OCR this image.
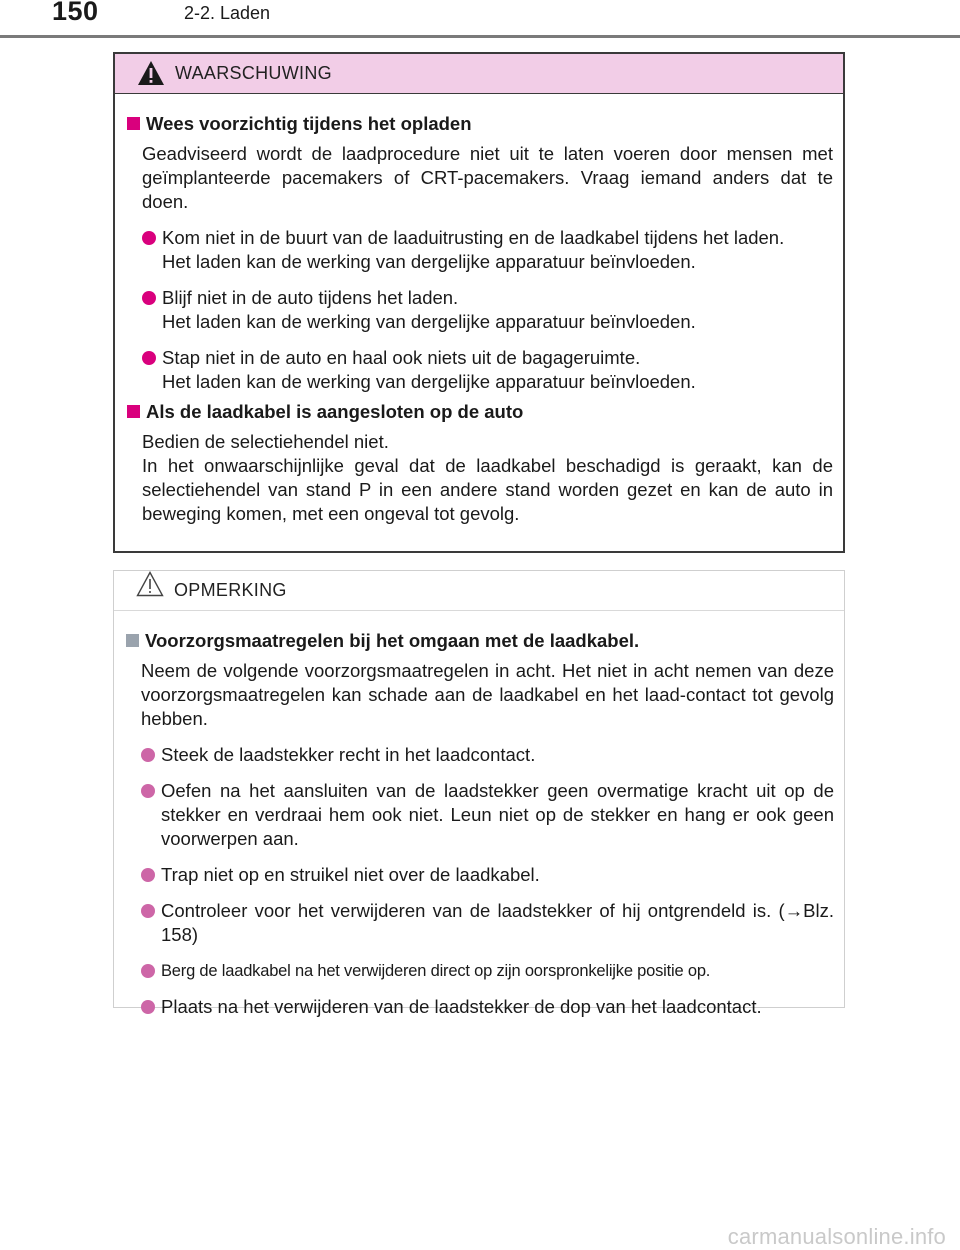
150	2-2. Laden
WAARSCHUWING
Wees voorzichtig tijdens het opladen
Geadviseerd wordt de laadprocedure niet uit te laten voeren door mensen met geïmplanteerde pacemakers of CRT-pacemakers. Vraag iemand anders dat te doen.
Kom niet in de buurt van de laaduitrusting en de laadkabel tijdens het laden.
Het laden kan de werking van dergelijke apparatuur beïnvloeden.
Blijf niet in de auto tijdens het laden.
Het laden kan de werking van dergelijke apparatuur beïnvloeden.
Stap niet in de auto en haal ook niets uit de bagageruimte.
Het laden kan de werking van dergelijke apparatuur beïnvloeden.
Als de laadkabel is aangesloten op de auto
Bedien de selectiehendel niet.
In het onwaarschijnlijke geval dat de laadkabel beschadigd is geraakt, kan de selectiehendel van stand P in een andere stand worden gezet en kan de auto in beweging komen, met een ongeval tot gevolg.
OPMERKING
Voorzorgsmaatregelen bij het omgaan met de laadkabel.
Neem de volgende voorzorgsmaatregelen in acht. Het niet in acht nemen van deze voorzorgsmaatregelen kan schade aan de laadkabel en het laad-contact tot gevolg hebben.
Steek de laadstekker recht in het laadcontact.
Oefen na het aansluiten van de laadstekker geen overmatige kracht uit op de stekker en verdraai hem ook niet. Leun niet op de stekker en hang er ook geen voorwerpen aan.
Trap niet op en struikel niet over de laadkabel.
Controleer voor het verwijderen van de laadstekker of hij ontgrendeld is. (→Blz. 158)
Berg de laadkabel na het verwijderen direct op zijn oorspronkelijke positie op.
Plaats na het verwijderen van de laadstekker de dop van het laadcontact.
carmanualsonline.info
